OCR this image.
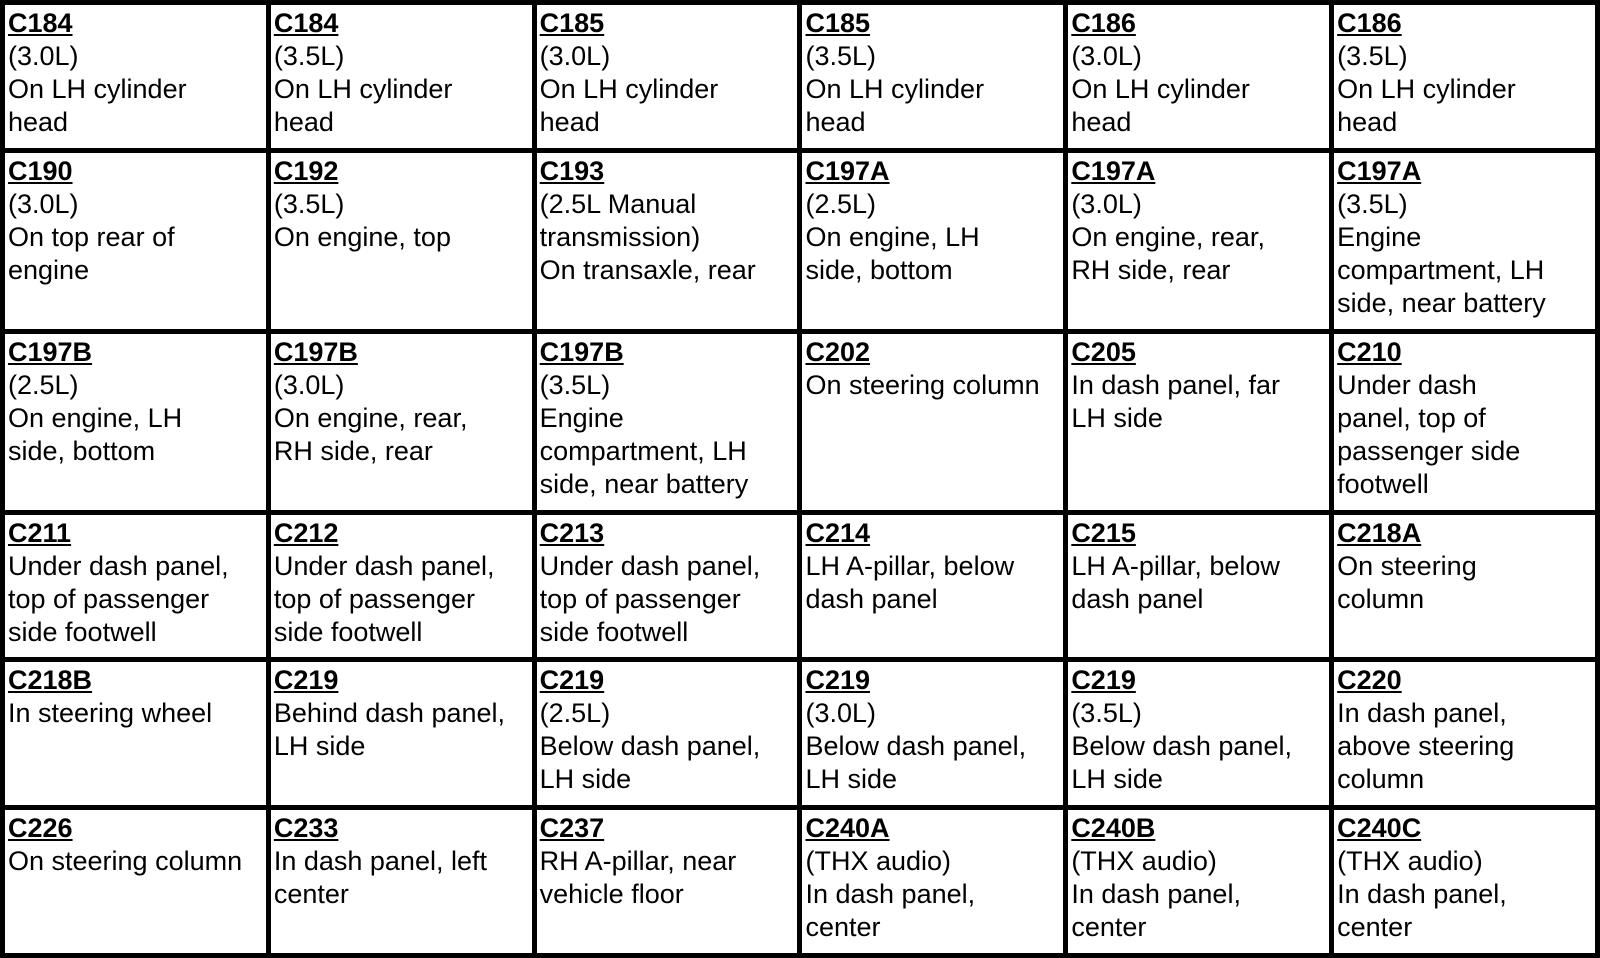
C184
(3.0L)
On LH cylinder
head	C184
(3.5L)
On LH cylinder
head	C185
(3.0L)
On LH cylinder
head	C185
(3.5L)
On LH cylinder
head	C186
(3.0L)
On LH cylinder
head	C186
(3.5L)
On LH cylinder
head

C190
(3.0L)
On top rear of
engine	C192
(3.5L)
On engine, top	C193
(2.5L Manual
transmission)
On transaxle, rear	C197A
(2.5L)
On engine, LH
side, bottom	C197A
(3.0L)
On engine, rear,
RH side, rear	C197A
(3.5L)
Engine
compartment, LH
side, near battery

C197B
(2.5L)
On engine, LH
side, bottom	C197B
(3.0L)
On engine, rear,
RH side, rear	C197B
(3.5L)
Engine
compartment, LH
side, near battery	C202
On steering column	C205
In dash panel, far
LH side	C210
Under dash
panel, top of
passenger side
footwell

C211
Under dash panel,
top of passenger
side footwell	C212
Under dash panel,
top of passenger
side footwell	C213
Under dash panel,
top of passenger
side footwell	C214
LH A-pillar, below
dash panel	C215
LH A-pillar, below
dash panel	C218A
On steering
column

C218B
In steering wheel	C219
Behind dash panel,
LH side	C219
(2.5L)
Below dash panel,
LH side	C219
(3.0L)
Below dash panel,
LH side	C219
(3.5L)
Below dash panel,
LH side	C220
In dash panel,
above steering
column

C226
On steering column	C233
In dash panel, left
center	C237
RH A-pillar, near
vehicle floor	C240A
(THX audio)
In dash panel,
center	C240B
(THX audio)
In dash panel,
center	C240C
(THX audio)
In dash panel,
center
